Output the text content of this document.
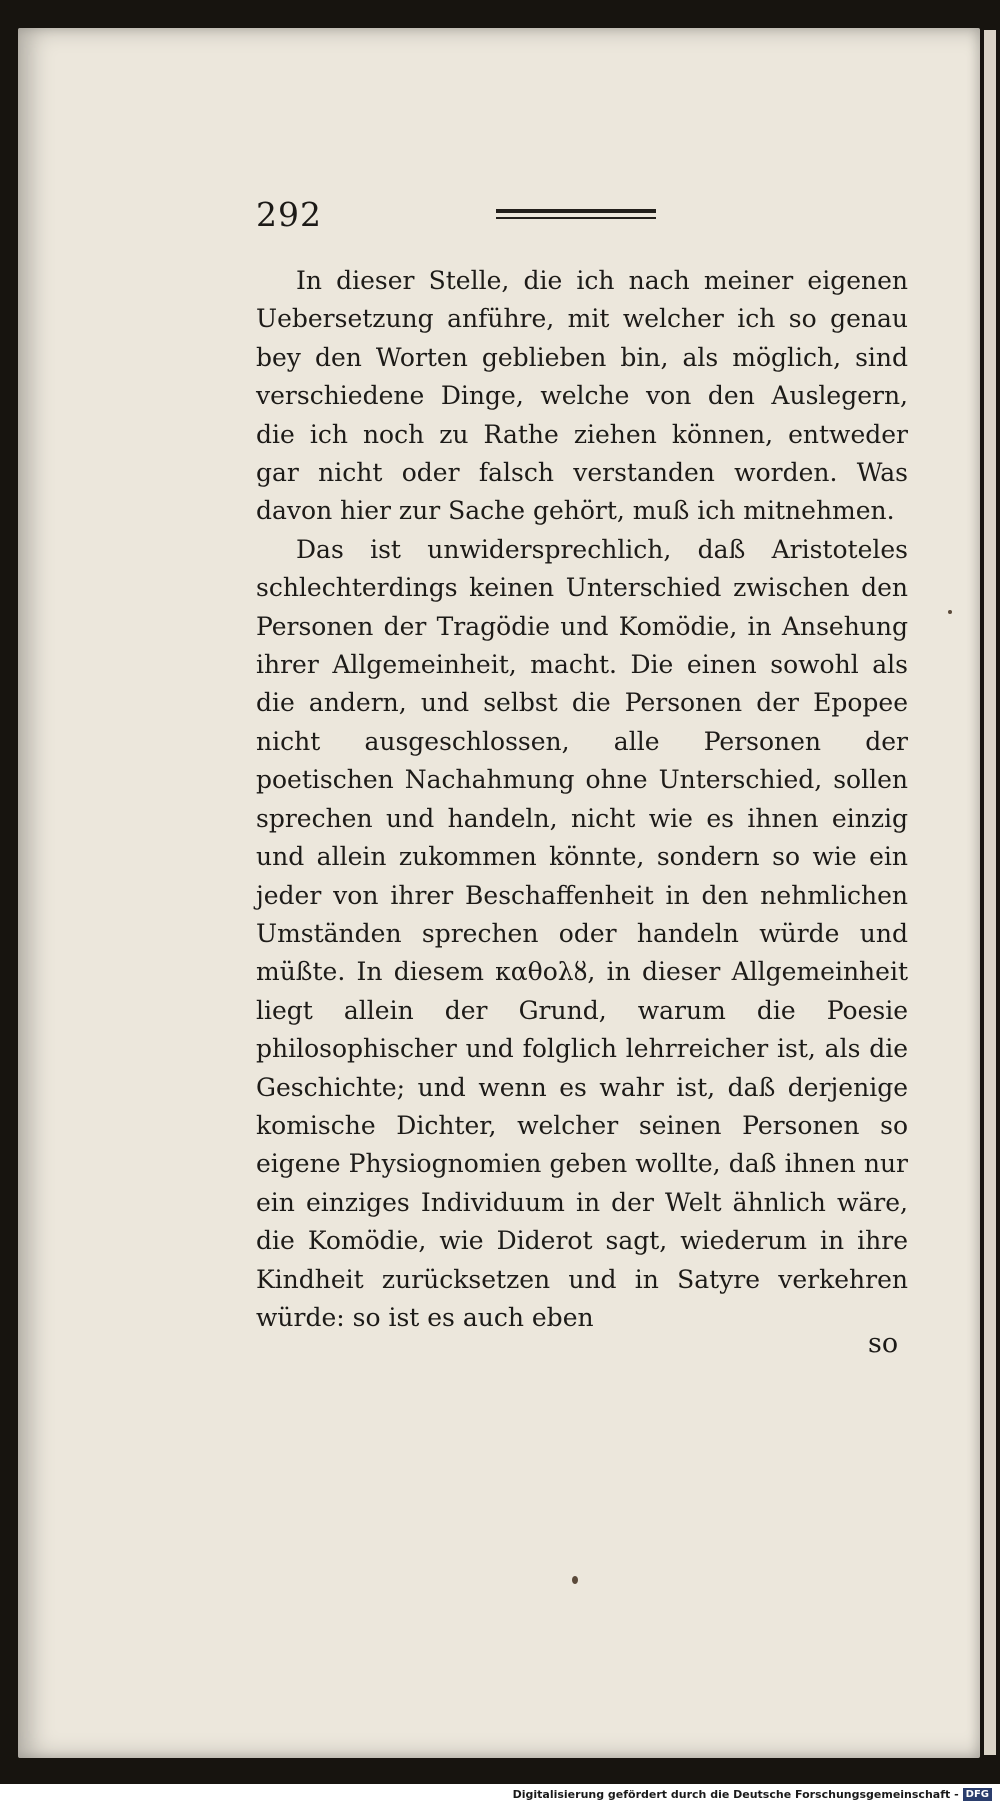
292

In dieser Stelle, die ich nach meiner eigenen Uebersetzung anführe, mit welcher ich so genau bey den Worten geblieben bin, als möglich, sind verschiedene Dinge, welche von den Auslegern, die ich noch zu Rathe ziehen können, entweder gar nicht oder falsch verstanden worden. Was davon hier zur Sache gehört, muß ich mitnehmen.

Das ist unwidersprechlich, daß Aristoteles schlechterdings keinen Unterschied zwischen den Personen der Tragödie und Komödie, in Ansehung ihrer Allgemeinheit, macht. Die einen sowohl als die andern, und selbst die Personen der Epopee nicht ausgeschlossen, alle Personen der poetischen Nachahmung ohne Unterschied, sollen sprechen und handeln, nicht wie es ihnen einzig und allein zukommen könnte, sondern so wie ein jeder von ihrer Beschaffenheit in den nehmlichen Umständen sprechen oder handeln würde und müßte. In diesem καθολȣ, in dieser Allgemeinheit liegt allein der Grund, warum die Poesie philosophischer und folglich lehrreicher ist, als die Geschichte; und wenn es wahr ist, daß derjenige komische Dichter, welcher seinen Personen so eigene Physiognomien geben wollte, daß ihnen nur ein einziges Individuum in der Welt ähnlich wäre, die Komödie, wie Diderot sagt, wiederum in ihre Kindheit zurücksetzen und in Satyre verkehren würde: so ist es auch eben

so
Digitalisierung gefördert durch die Deutsche Forschungsgemeinschaft - DFG
